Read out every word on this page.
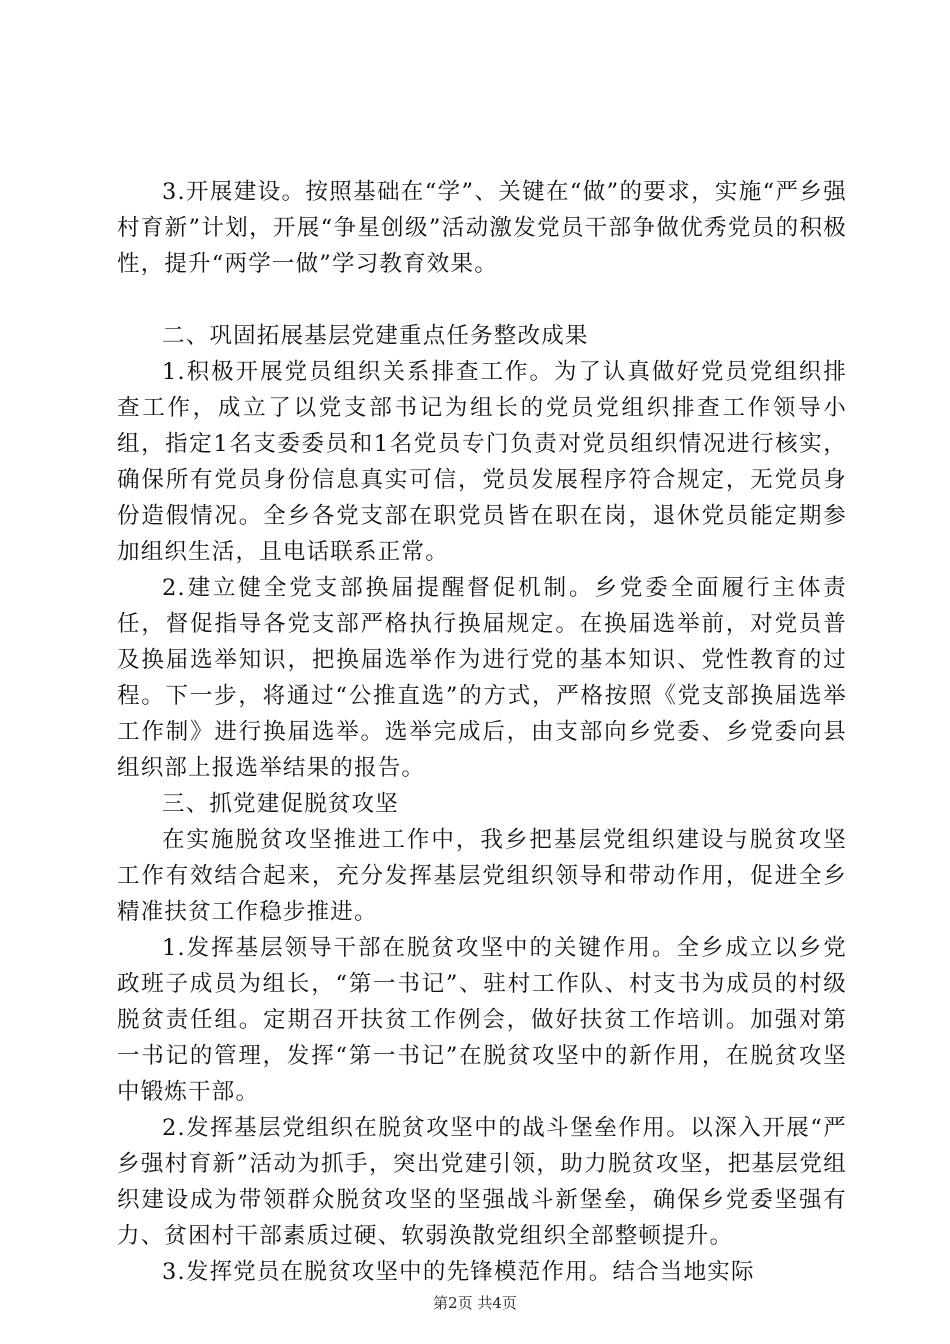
3.开展建设。按照基础在“学”、关键在“做”的要求，实施“严乡强村育新”计划，开展“争星创级”活动激发党员干部争做优秀党员的积极性，提升“两学一做”学习教育效果。

二、巩固拓展基层党建重点任务整改成果

1.积极开展党员组织关系排查工作。为了认真做好党员党组织排查工作，成立了以党支部书记为组长的党员党组织排查工作领导小组，指定1名支委委员和1名党员专门负责对党员组织情况进行核实，确保所有党员身份信息真实可信，党员发展程序符合规定，无党员身份造假情况。全乡各党支部在职党员皆在职在岗，退休党员能定期参加组织生活，且电话联系正常。

2.建立健全党支部换届提醒督促机制。乡党委全面履行主体责任，督促指导各党支部严格执行换届规定。在换届选举前，对党员普及换届选举知识，把换届选举作为进行党的基本知识、党性教育的过程。下一步，将通过“公推直选”的方式，严格按照《党支部换届选举工作制》进行换届选举。选举完成后，由支部向乡党委、乡党委向县组织部上报选举结果的报告。

三、抓党建促脱贫攻坚

在实施脱贫攻坚推进工作中，我乡把基层党组织建设与脱贫攻坚工作有效结合起来，充分发挥基层党组织领导和带动作用，促进全乡精准扶贫工作稳步推进。

1.发挥基层领导干部在脱贫攻坚中的关键作用。全乡成立以乡党政班子成员为组长，“第一书记”、驻村工作队、村支书为成员的村级脱贫责任组。定期召开扶贫工作例会，做好扶贫工作培训。加强对第一书记的管理，发挥“第一书记”在脱贫攻坚中的新作用，在脱贫攻坚中锻炼干部。

2.发挥基层党组织在脱贫攻坚中的战斗堡垒作用。以深入开展“严乡强村育新”活动为抓手，突出党建引领，助力脱贫攻坚，把基层党组织建设成为带领群众脱贫攻坚的坚强战斗新堡垒，确保乡党委坚强有力、贫困村干部素质过硬、软弱涣散党组织全部整顿提升。

3.发挥党员在脱贫攻坚中的先锋模范作用。结合当地实际

第2页 共4页
